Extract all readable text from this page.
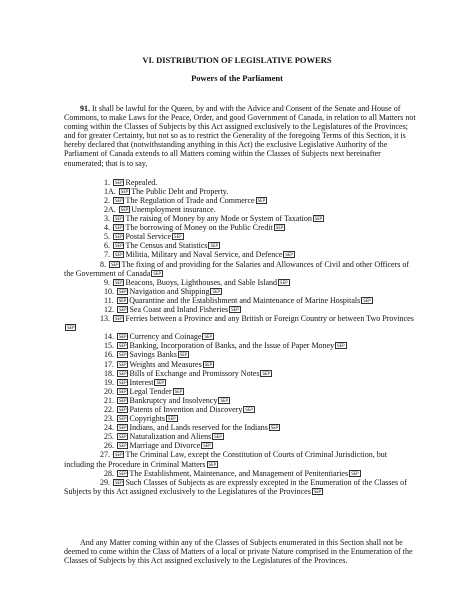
VI. DISTRIBUTION OF LEGISLATIVE POWERS
Powers of the Parliament

91. It shall be lawful for the Queen, by and with the Advice and Consent of the Senate and House of Commons, to make Laws for the Peace, Order, and good Government of Canada, in relation to all Matters not coming within the Classes of Subjects by this Act assigned exclusively to the Legislatures of the Provinces; and for greater Certainty, but not so as to restrict the Generality of the foregoing Terms of this Section, it is hereby declared that (notwithstanding anything in this Act) the exclusive Legislative Authority of the Parliament of Canada extends to all Matters coming within the Classes of Subjects next hereinafter enumerated; that is to say,

1. SEP Repealed.
1A. SEP The Public Debt and Property.
2. SEP The Regulation of Trade and Commerce SEP
2A. SEP Unemployment insurance.
3. SEP The raising of Money by any Mode or System of Taxation SEP
4. SEP The borrowing of Money on the Public Credit SEP
5. SEP Postal Service SEP
6. SEP The Census and Statistics SEP
7. SEP Militia, Military and Naval Service, and Defence SEP
8. SEP The fixing of and providing for the Salaries and Allowances of Civil and other Officers of the Government of Canada SEP
9. SEP Beacons, Buoys, Lighthouses, and Sable Island SEP
10. SEP Navigation and Shipping SEP
11. SEP Quarantine and the Establishment and Maintenance of Marine Hospitals SEP
12. SEP Sea Coast and Inland Fisheries SEP
13. SEP Ferries between a Province and any British or Foreign Country or between Two ProvincesSEP
14. SEP Currency and Coinage SEP
15. SEP Banking, Incorporation of Banks, and the Issue of Paper Money SEP
16. SEP Savings Banks SEP
17. SEP Weights and Measures SEP
18. SEP Bills of Exchange and Promissory Notes SEP
19. SEP Interest SEP
20. SEP Legal Tender SEP
21. SEP Bankruptcy and Insolvency SEP
22. SEP Patents of Invention and Discovery SEP
23. SEP Copyrights SEP
24. SEP Indians, and Lands reserved for the Indians SEP
25. SEP Naturalization and Aliens SEP
26. SEP Marriage and Divorce SEP
27. SEP The Criminal Law, except the Constitution of Courts of Criminal Jurisdiction, but including the Procedure in Criminal Matters SEP
28. SEP The Establishment, Maintenance, and Management of Penitentiaries SEP
29. SEP Such Classes of Subjects as are expressly excepted in the Enumeration of the Classes of Subjects by this Act assigned exclusively to the Legislatures of the Provinces SEP

And any Matter coming within any of the Classes of Subjects enumerated in this Section shall not be deemed to come within the Class of Matters of a local or private Nature comprised in the Enumeration of the Classes of Subjects by this Act assigned exclusively to the Legislatures of the Provinces.
